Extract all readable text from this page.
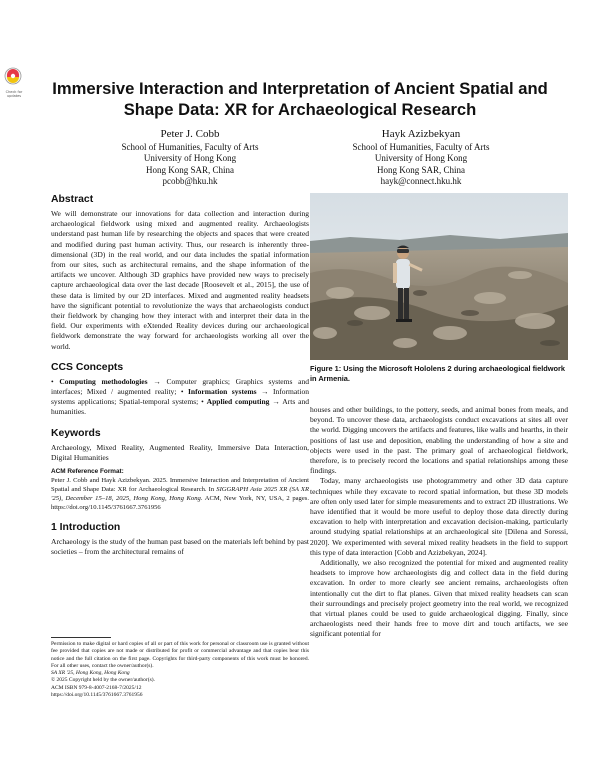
Check for updates	Immersive Interaction and Interpretation of Ancient Spatial and Shape Data: XR for Archaeological Research
Peter J. Cobb
School of Humanities, Faculty of Arts
University of Hong Kong
Hong Kong SAR, China
pcobb@hku.hk
Hayk Azizbekyan
School of Humanities, Faculty of Arts
University of Hong Kong
Hong Kong SAR, China
hayk@connect.hku.hk
Abstract

We will demonstrate our innovations for data collection and interaction during archaeological fieldwork using mixed and augmented reality. Archaeologists understand past human life by researching the objects and spaces that were created and modified during past human activity. Thus, our research is inherently three-dimensional (3D) in the real world, and our data includes the spatial information from our sites, such as architectural remains, and the shape information of the artifacts we uncover. Although 3D graphics have provided new ways to precisely capture archaeological data over the last decade [Roosevelt et al., 2015], the use of these data is limited by our 2D interfaces. Mixed and augmented reality headsets have the significant potential to revolutionize the ways that archaeologists conduct their fieldwork by changing how they interact with and interpret their data in the field. Our experiments with eXtended Reality devices during our archaeological fieldwork demonstrate the way forward for archaeologists working all over the world.

CCS Concepts

• Computing methodologies → Computer graphics; Graphics systems and interfaces; Mixed / augmented reality; • Information systems → Information systems applications; Spatial-temporal systems; • Applied computing → Arts and humanities.

Keywords

Archaeology, Mixed Reality, Augmented Reality, Immersive Data Interaction, Digital Humanities

ACM Reference Format:

Peter J. Cobb and Hayk Azizbekyan. 2025. Immersive Interaction and Interpretation of Ancient Spatial and Shape Data: XR for Archaeological Research. In SIGGRAPH Asia 2025 XR (SA XR '25), December 15–18, 2025, Hong Kong, Hong Kong. ACM, New York, NY, USA, 2 pages. https://doi.org/10.1145/3761667.3761956

1 Introduction

Archaeology is the study of the human past based on the materials left behind by past societies – from the architectural remains of

Permission to make digital or hard copies of all or part of this work for personal or classroom use is granted without fee provided that copies are not made or distributed for profit or commercial advantage and that copies bear this notice and the full citation on the first page. Copyrights for third-party components of this work must be honored. For all other uses, contact the owner/author(s).
SA XR '25, Hong Kong, Hong Kong
© 2025 Copyright held by the owner/author(s).
ACM ISBN 979-8-4007-2168-7/2025/12
https://doi.org/10.1145/3761667.3761956
Figure 1: Using the Microsoft Hololens 2 during archaeological fieldwork in Armenia.

houses and other buildings, to the pottery, seeds, and animal bones from meals, and beyond. To uncover these data, archaeologists conduct excavations at sites all over the world. Digging uncovers the artifacts and features, like walls and hearths, in their positions of last use and deposition, enabling the understanding of how a site and objects were used in the past. The primary goal of archaeological fieldwork, therefore, is to precisely record the locations and spatial relationships among these findings.

Today, many archaeologists use photogrammetry and other 3D data capture techniques while they excavate to record spatial information, but these 3D models are often only used later for simple measurements and to extract 2D illustrations. We have identified that it would be more useful to deploy those data directly during excavation to help with interpretation and excavation decision-making, particularly around studying spatial relationships at an archaeological site [Dilena and Soressi, 2020]. We experimented with several mixed reality headsets in the field to support this type of data interaction [Cobb and Azizbekyan, 2024].

Additionally, we also recognized the potential for mixed and augmented reality headsets to improve how archaeologists dig and collect data in the field during excavation. In order to more clearly see ancient remains, archaeologists often intentionally cut the dirt to flat planes. Given that mixed reality headsets can scan their surroundings and precisely project geometry into the real world, we recognized that virtual planes could be used to guide archaeological digging. Finally, since archaeologists need their hands free to move dirt and touch artifacts, we see significant potential for
